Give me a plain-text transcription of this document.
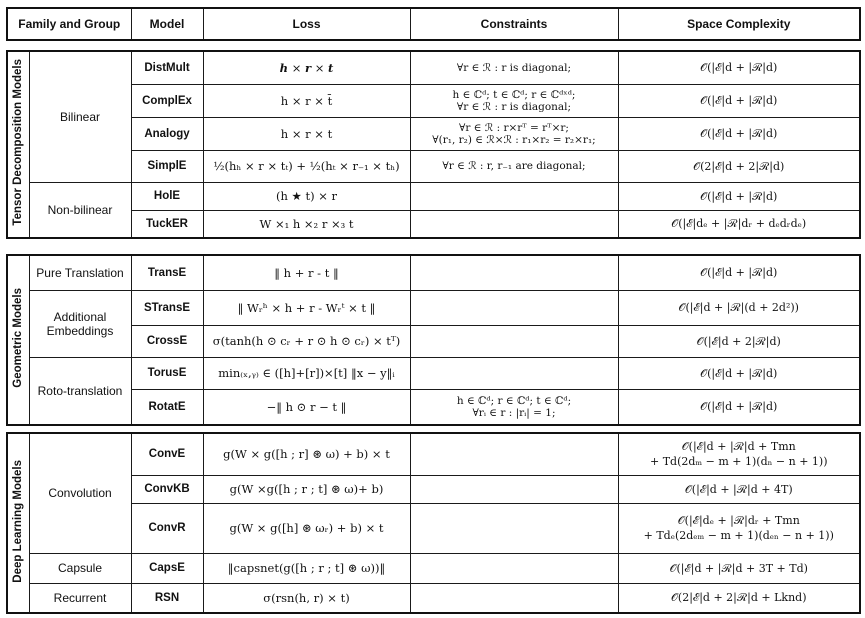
Family and Group	Model	Loss	Constraints	Space Complexity
Tensor Decomposition Models	Bilinear	DistMult	h × r × t	∀r ∈ ℛ : r is diagonal;	𝒪(|ℰ|d + |ℛ|d)
		ComplEx	h × r × t̄	h ∈ ℂᵈ; t ∈ ℂᵈ; r ∈ ℂᵈˣᵈ;
∀r ∈ ℛ : r is diagonal;	𝒪(|ℰ|d + |ℛ|d)
		Analogy	h × r × t	∀r ∈ ℛ : r×rᵀ = rᵀ×r;
∀(r₁, r₂) ∈ ℛ×ℛ : r₁×r₂ = r₂×r₁;	𝒪(|ℰ|d + |ℛ|d)
		SimplE	½(hₕ × r × tₜ) + ½(hₜ × r₋₁ × tₕ)	∀r ∈ ℛ : r, r₋₁ are diagonal;	𝒪(2|ℰ|d + 2|ℛ|d)
	Non-bilinear	HolE	(h ★ t) × r		𝒪(|ℰ|d + |ℛ|d)
		TuckER	W ×₁ h ×₂ r ×₃ t		𝒪(|ℰ|dₑ + |ℛ|dᵣ + dₑdᵣdₑ)
Geometric Models	Pure Translation	TransE	‖ h + r - t ‖		𝒪(|ℰ|d + |ℛ|d)
	Additional Embeddings	STransE	‖ Wᵣʰ × h + r - Wᵣᵗ × t ‖		𝒪(|ℰ|d + |ℛ|(d + 2d²))
		CrossE	σ(tanh(h ⊙ cᵣ + r ⊙ h ⊙ cᵣ) × tᵀ)		𝒪(|ℰ|d + 2|ℛ|d)
	Roto-translation	TorusE	min₍ₓ,ᵧ₎ ∈ ([h]+[r])×[t] ‖x − y‖ᵢ		𝒪(|ℰ|d + |ℛ|d)
		RotatE	−‖ h ⊙ r − t ‖	h ∈ ℂᵈ; r ∈ ℂᵈ; t ∈ ℂᵈ;
∀rᵢ ∈ r : |rᵢ| = 1;	𝒪(|ℰ|d + |ℛ|d)
Deep Learning Models	Convolution	ConvE	g(W × g([h ; r] ⊛ ω) + b) × t		𝒪(|ℰ|d + |ℛ|d + Tmn
+ Td(2dₘ − m + 1)(dₙ − n + 1))

		ConvKB	g(W ×g([h ; r ; t] ⊛ ω)+ b)		𝒪(|ℰ|d + |ℛ|d + 4T)
		ConvR	g(W × g([h] ⊛ ωᵣ) + b) × t		𝒪(|ℰ|dₑ + |ℛ|dᵣ + Tmn
+ Tdₑ(2dₑₘ − m + 1)(dₑₙ − n + 1))

	Capsule	CapsE	‖capsnet(g([h ; r ; t] ⊛ ω))‖		𝒪(|ℰ|d + |ℛ|d + 3T + Td)
	Recurrent	RSN	σ(rsn(h, r) × t)		𝒪(2|ℰ|d + 2|ℛ|d + Lknd)
